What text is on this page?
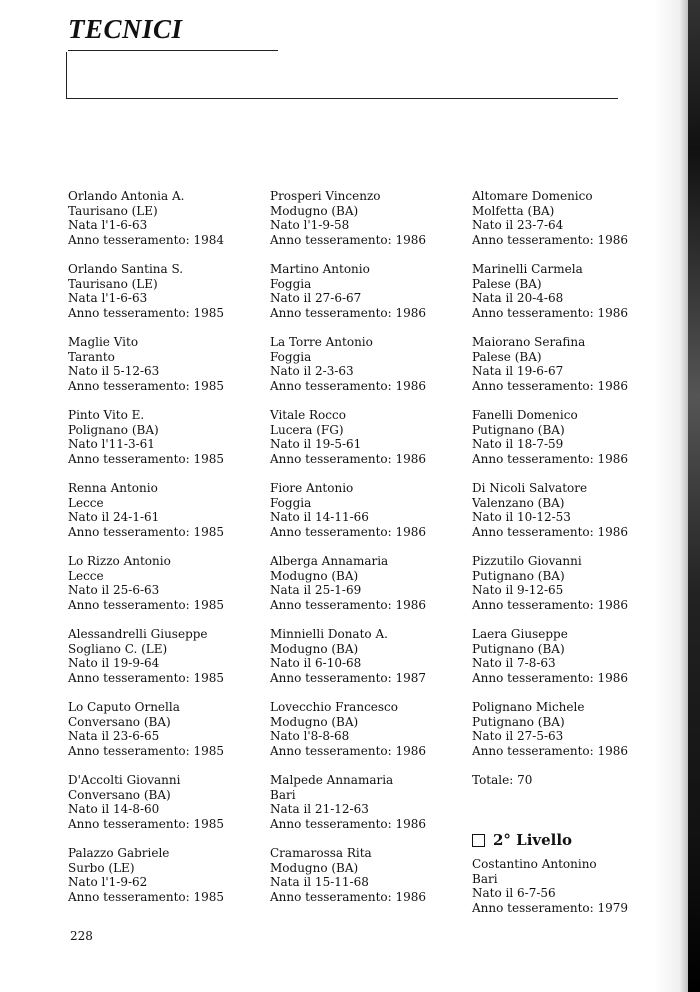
TECNICI
Orlando Antonia A.
Taurisano (LE)
Nata l'1-6-63
Anno tesseramento: 1984
Orlando Santina S.
Taurisano (LE)
Nata l'1-6-63
Anno tesseramento: 1985
Maglie Vito
Taranto
Nato il 5-12-63
Anno tesseramento: 1985
Pinto Vito E.
Polignano (BA)
Nato l'11-3-61
Anno tesseramento: 1985
Renna Antonio
Lecce
Nato il 24-1-61
Anno tesseramento: 1985
Lo Rizzo Antonio
Lecce
Nato il 25-6-63
Anno tesseramento: 1985
Alessandrelli Giuseppe
Sogliano C. (LE)
Nato il 19-9-64
Anno tesseramento: 1985
Lo Caputo Ornella
Conversano (BA)
Nata il 23-6-65
Anno tesseramento: 1985
D'Accolti Giovanni
Conversano (BA)
Nato il 14-8-60
Anno tesseramento: 1985
Palazzo Gabriele
Surbo (LE)
Nato l'1-9-62
Anno tesseramento: 1985
Prosperi Vincenzo
Modugno (BA)
Nato l'1-9-58
Anno tesseramento: 1986
Martino Antonio
Foggia
Nato il 27-6-67
Anno tesseramento: 1986
La Torre Antonio
Foggia
Nato il 2-3-63
Anno tesseramento: 1986
Vitale Rocco
Lucera (FG)
Nato il 19-5-61
Anno tesseramento: 1986
Fiore Antonio
Foggia
Nato il 14-11-66
Anno tesseramento: 1986
Alberga Annamaria
Modugno (BA)
Nata il 25-1-69
Anno tesseramento: 1986
Minnielli Donato A.
Modugno (BA)
Nato il 6-10-68
Anno tesseramento: 1987
Lovecchio Francesco
Modugno (BA)
Nato l'8-8-68
Anno tesseramento: 1986
Malpede Annamaria
Bari
Nata il 21-12-63
Anno tesseramento: 1986
Cramarossa Rita
Modugno (BA)
Nata il 15-11-68
Anno tesseramento: 1986
Altomare Domenico
Molfetta (BA)
Nato il 23-7-64
Anno tesseramento: 1986
Marinelli Carmela
Palese (BA)
Nata il 20-4-68
Anno tesseramento: 1986
Maiorano Serafina
Palese (BA)
Nata il 19-6-67
Anno tesseramento: 1986
Fanelli Domenico
Putignano (BA)
Nato il 18-7-59
Anno tesseramento: 1986
Di Nicoli Salvatore
Valenzano (BA)
Nato il 10-12-53
Anno tesseramento: 1986
Pizzutilo Giovanni
Putignano (BA)
Nato il 9-12-65
Anno tesseramento: 1986
Laera Giuseppe
Putignano (BA)
Nato il 7-8-63
Anno tesseramento: 1986
Polignano Michele
Putignano (BA)
Nato il 27-5-63
Anno tesseramento: 1986
Totale: 70
2° Livello
Costantino Antonino
Bari
Nato il 6-7-56
Anno tesseramento: 1979
228
